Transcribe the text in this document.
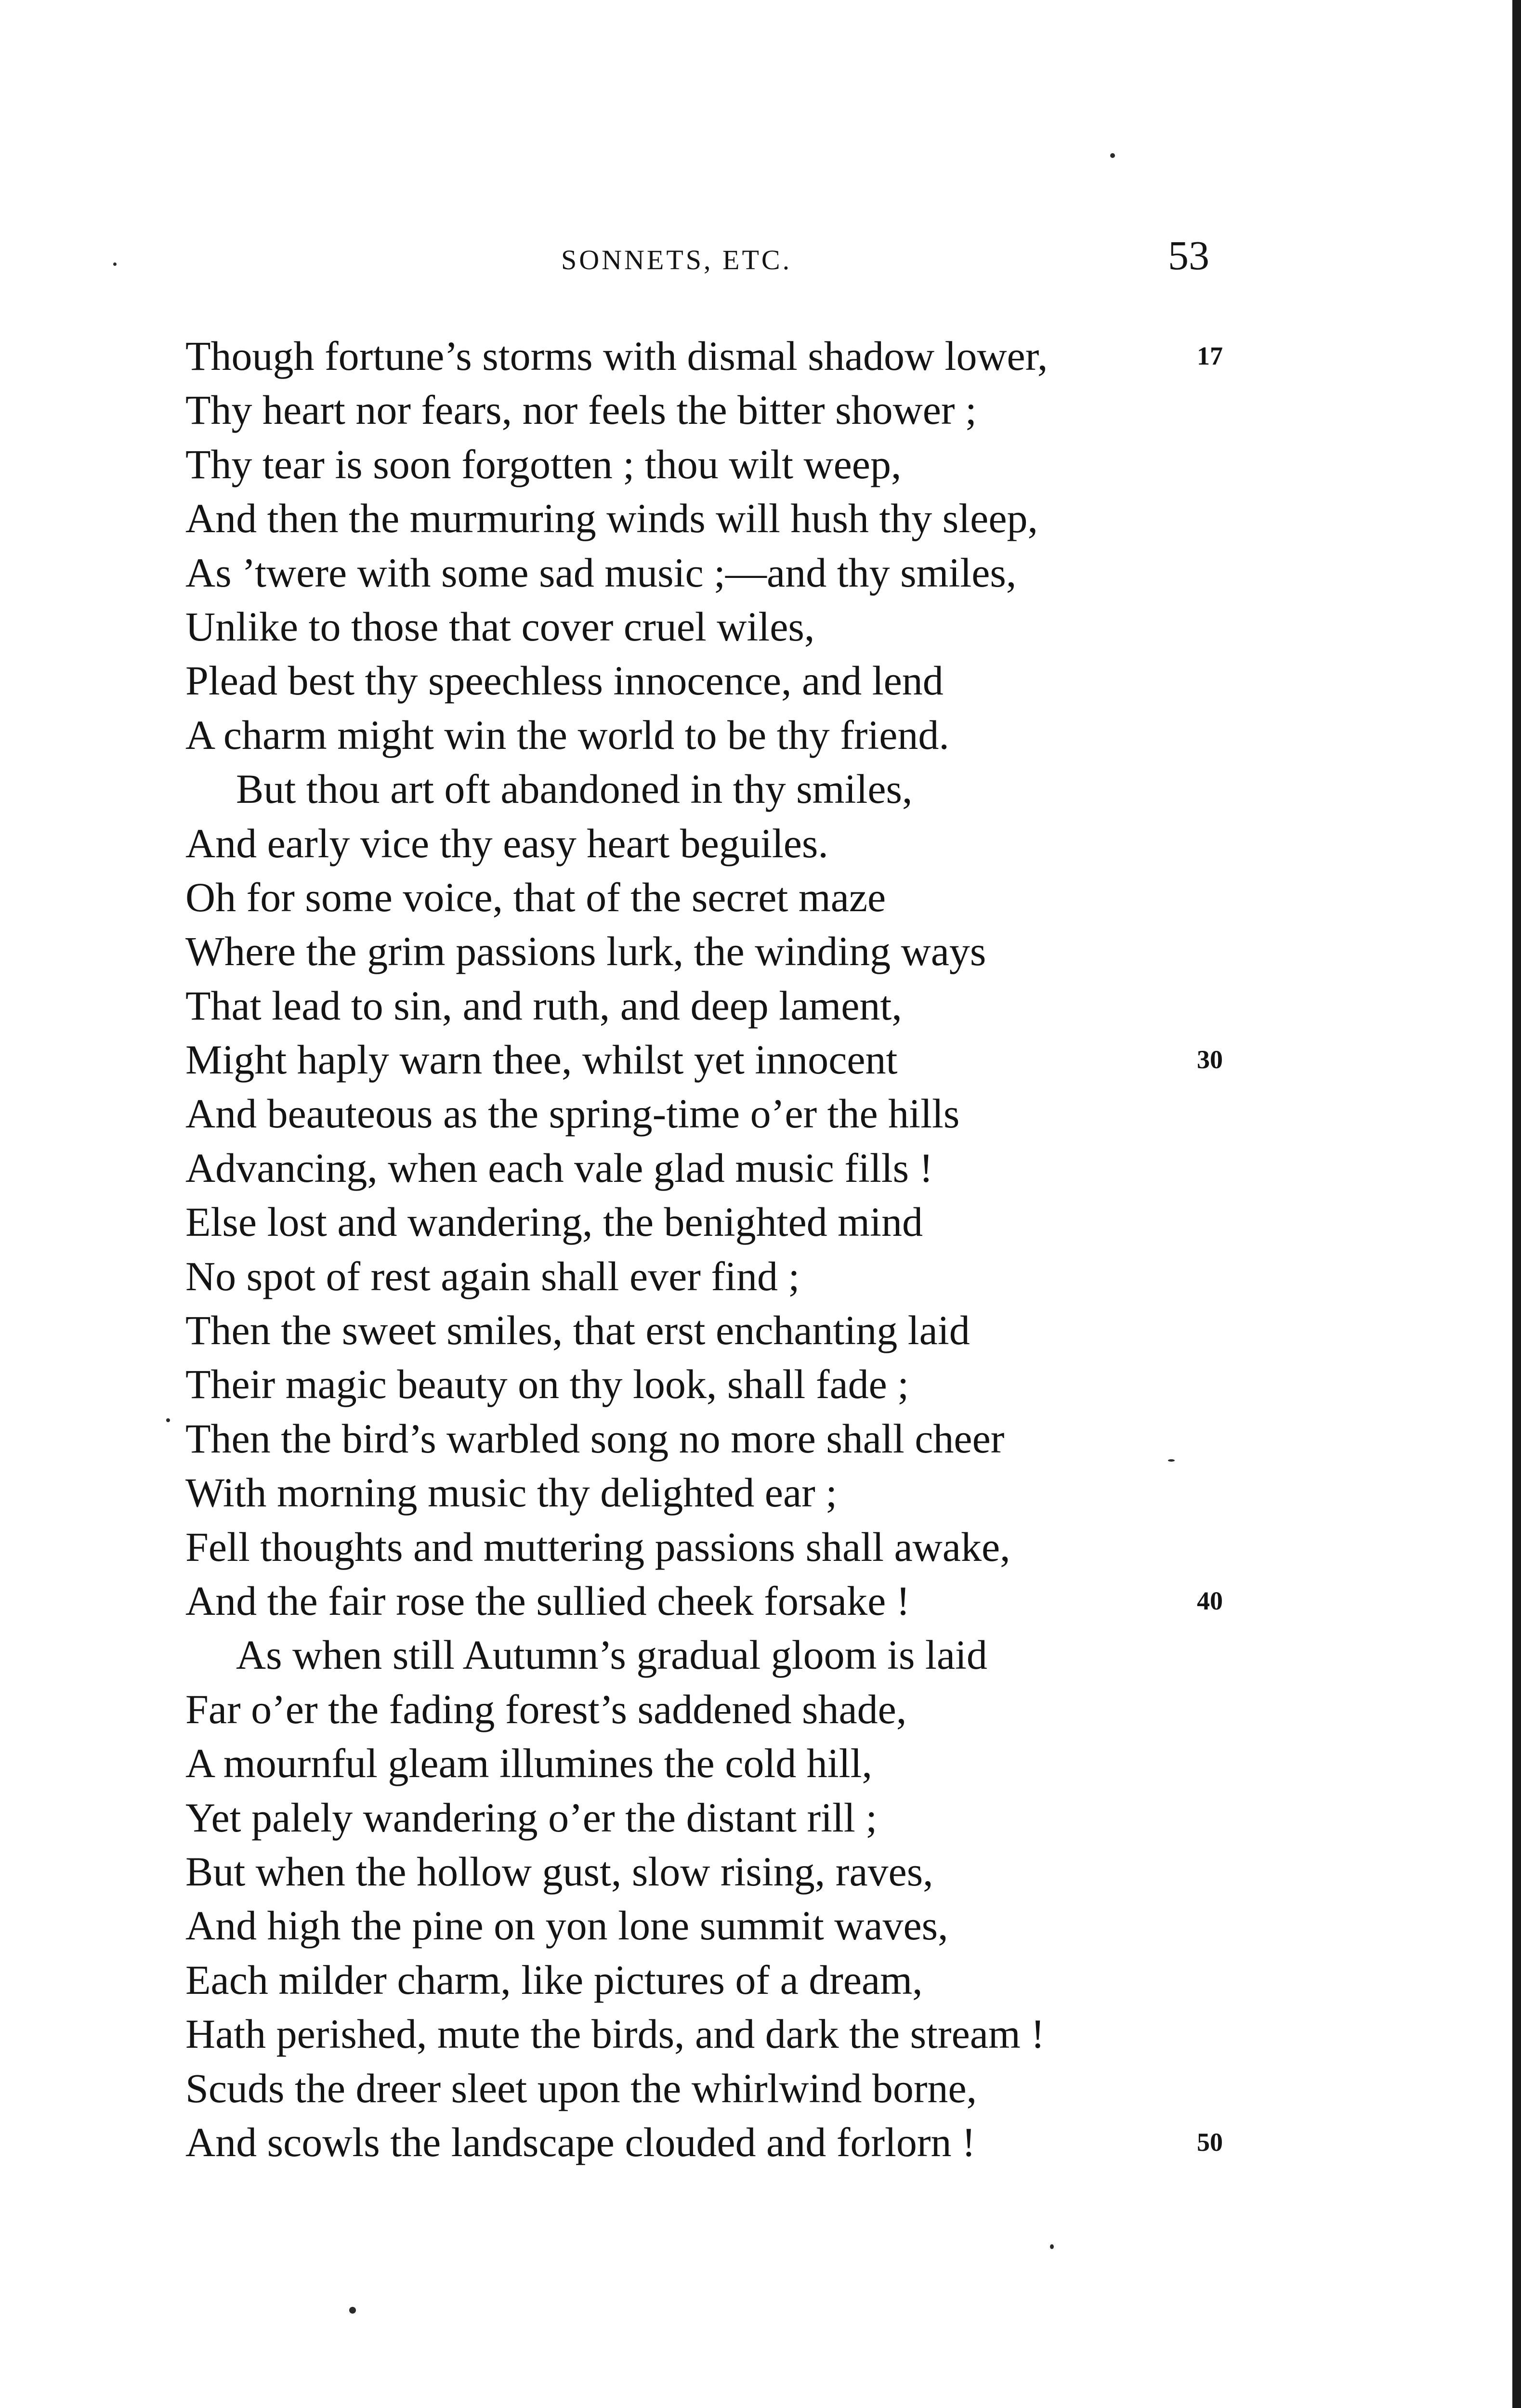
SONNETS, ETC.	53
Though fortune’s storms with dismal shadow lower,	17
Thy heart nor fears, nor feels the bitter shower ;
Thy tear is soon forgotten ; thou wilt weep,
And then the murmuring winds will hush thy sleep,
As ’twere with some sad music ;—and thy smiles,
Unlike to those that cover cruel wiles,
Plead best thy speechless innocence, and lend
A charm might win the world to be thy friend.
But thou art oft abandoned in thy smiles,
And early vice thy easy heart beguiles.
Oh for some voice, that of the secret maze
Where the grim passions lurk, the winding ways
That lead to sin, and ruth, and deep lament,
Might haply warn thee, whilst yet innocent	30
And beauteous as the spring-time o’er the hills
Advancing, when each vale glad music fills !
Else lost and wandering, the benighted mind
No spot of rest again shall ever find ;
Then the sweet smiles, that erst enchanting laid
Their magic beauty on thy look, shall fade ;
Then the bird’s warbled song no more shall cheer
With morning music thy delighted ear ;
Fell thoughts and muttering passions shall awake,
And the fair rose the sullied cheek forsake !	40
As when still Autumn’s gradual gloom is laid
Far o’er the fading forest’s saddened shade,
A mournful gleam illumines the cold hill,
Yet palely wandering o’er the distant rill ;
But when the hollow gust, slow rising, raves,
And high the pine on yon lone summit waves,
Each milder charm, like pictures of a dream,
Hath perished, mute the birds, and dark the stream !
Scuds the dreer sleet upon the whirlwind borne,
And scowls the landscape clouded and forlorn !	50
